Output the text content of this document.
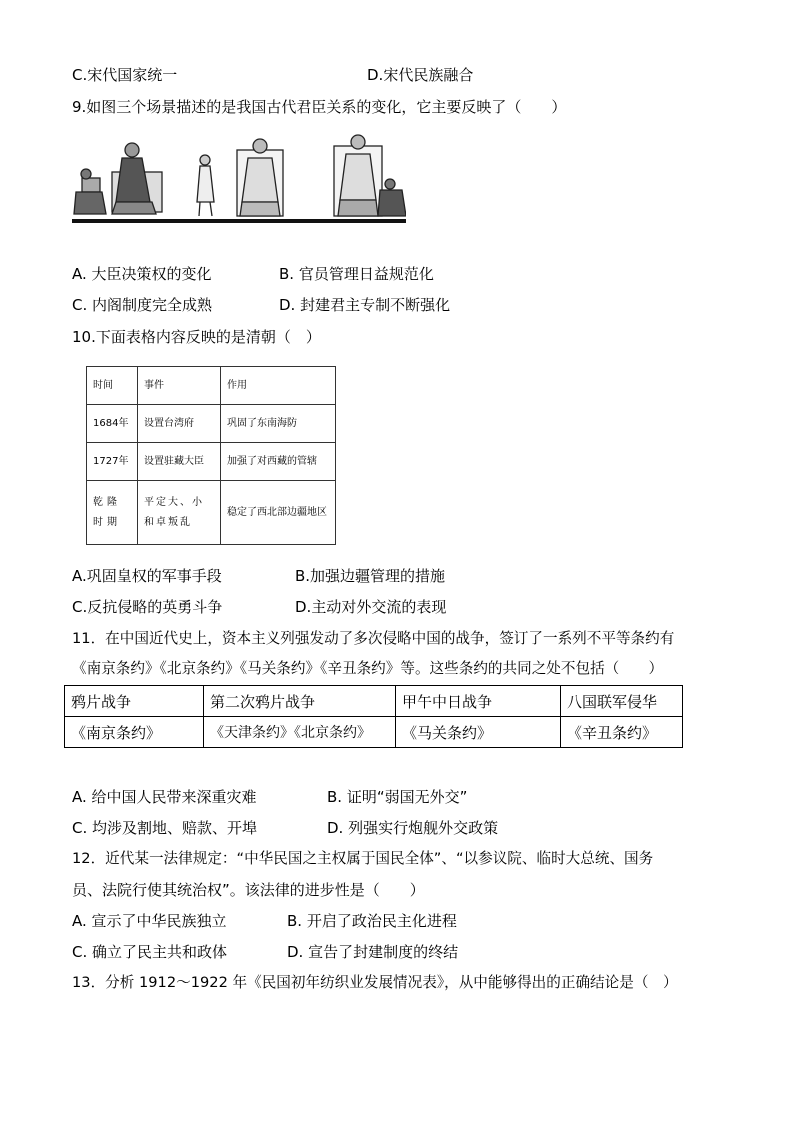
C.宋代国家统一	D.宋代民族融合
9.如图三个场景描述的是我国古代君臣关系的变化，它主要反映了（　　）
A. 大臣决策权的变化	B. 官员管理日益规范化
C. 内阁制度完全成熟	D. 封建君主专制不断强化
10.下面表格内容反映的是清朝（　）
时间	事件	作用
1684年	设置台湾府	巩固了东南海防
1727年	设置驻藏大臣	加强了对西藏的管辖
乾隆时期	平定大、小和卓叛乱	稳定了西北部边疆地区
A.巩固皇权的军事手段	B.加强边疆管理的措施
C.反抗侵略的英勇斗争	D.主动对外交流的表现
11．在中国近代史上，资本主义列强发动了多次侵略中国的战争，签订了一系列不平等条约有
《南京条约》《北京条约》《马关条约》《辛丑条约》等。这些条约的共同之处不包括（　　）
鸦片战争	第二次鸦片战争	甲午中日战争	八国联军侵华
《南京条约》	《天津条约》《北京条约》	《马关条约》	《辛丑条约》
A. 给中国人民带来深重灾难	B. 证明“弱国无外交”
C. 均涉及割地、赔款、开埠	D. 列强实行炮舰外交政策
12．近代某一法律规定：“中华民国之主权属于国民全体”、“以参议院、临时大总统、国务
员、法院行使其统治权”。该法律的进步性是（　　）
A. 宣示了中华民族独立	B. 开启了政治民主化进程
C. 确立了民主共和政体	D. 宣告了封建制度的终结
13．分析 1912～1922 年《民国初年纺织业发展情况表》，从中能够得出的正确结论是（　）
